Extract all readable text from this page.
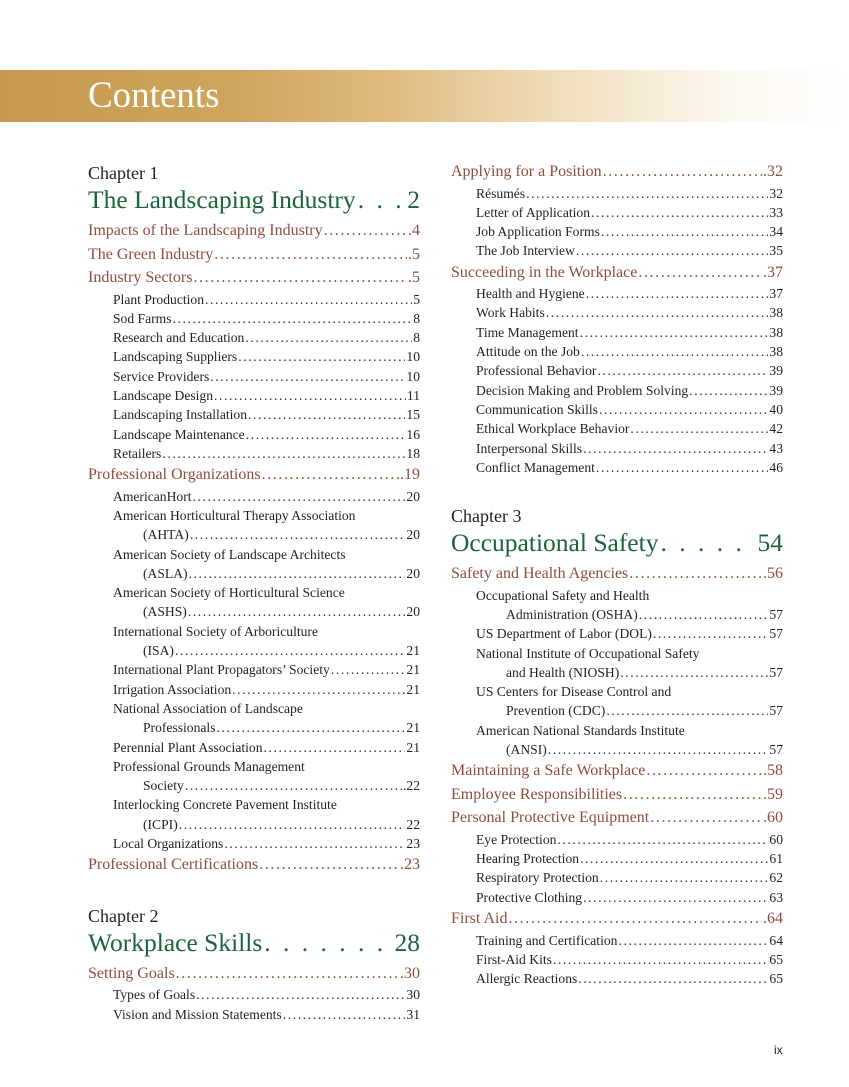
Contents
Chapter 1
The Landscaping Industry . . . 2
Impacts of the Landscaping Industry .....	.4
The Green Industry .....	.5
Industry Sectors .....	.5
Plant Production .....	5
Sod Farms .....	8
Research and Education .....	8
Landscaping Suppliers .....	10
Service Providers .....	10
Landscape Design .....	11
Landscaping Installation .....	15
Landscape Maintenance .....	16
Retailers .....	18
Professional Organizations .....	.19
AmericanHort .....	20
American Horticultural Therapy Association
(AHTA) .....	20
American Society of Landscape Architects
(ASLA) .....	20
American Society of Horticultural Science
(ASHS) .....	20
International Society of Arboriculture
(ISA) .....	21
International Plant Propagators’ Society .....	21
Irrigation Association .....	21
National Association of Landscape
Professionals .....	21
Perennial Plant Association .....	21
Professional Grounds Management
Society .....	.22
Interlocking Concrete Pavement Institute
(ICPI) .....	22
Local Organizations .....	23
Professional Certifications .....	.23
Chapter 2
Workplace Skills . . .	28
Setting Goals .....	.30
Types of Goals .....	30
Vision and Mission Statements .....	31
Applying for a Position .....	.32
Résumés .....	32
Letter of Application .....	33
Job Application Forms .....	34
The Job Interview .....	35
Succeeding in the Workplace .....	.37
Health and Hygiene .....	37
Work Habits .....	38
Time Management .....	38
Attitude on the Job .....	38
Professional Behavior .....	39
Decision Making and Problem Solving .....	39
Communication Skills .....	40
Ethical Workplace Behavior .....	42
Interpersonal Skills .....	43
Conflict Management .....	46
Chapter 3
Occupational Safety . . .	54
Safety and Health Agencies .....	.56
Occupational Safety and Health
Administration (OSHA) .....	57
US Department of Labor (DOL) .....	57
National Institute of Occupational Safety
and Health (NIOSH) .....	57
US Centers for Disease Control and
Prevention (CDC) .....	57
American National Standards Institute
(ANSI) .....	57
Maintaining a Safe Workplace .....	.58
Employee Responsibilities .....	.59
Personal Protective Equipment .....	.60
Eye Protection .....	60
Hearing Protection .....	61
Respiratory Protection .....	62
Protective Clothing .....	63
First Aid .....	.64
Training and Certification .....	64
First-Aid Kits .....	65
Allergic Reactions .....	65
ix
